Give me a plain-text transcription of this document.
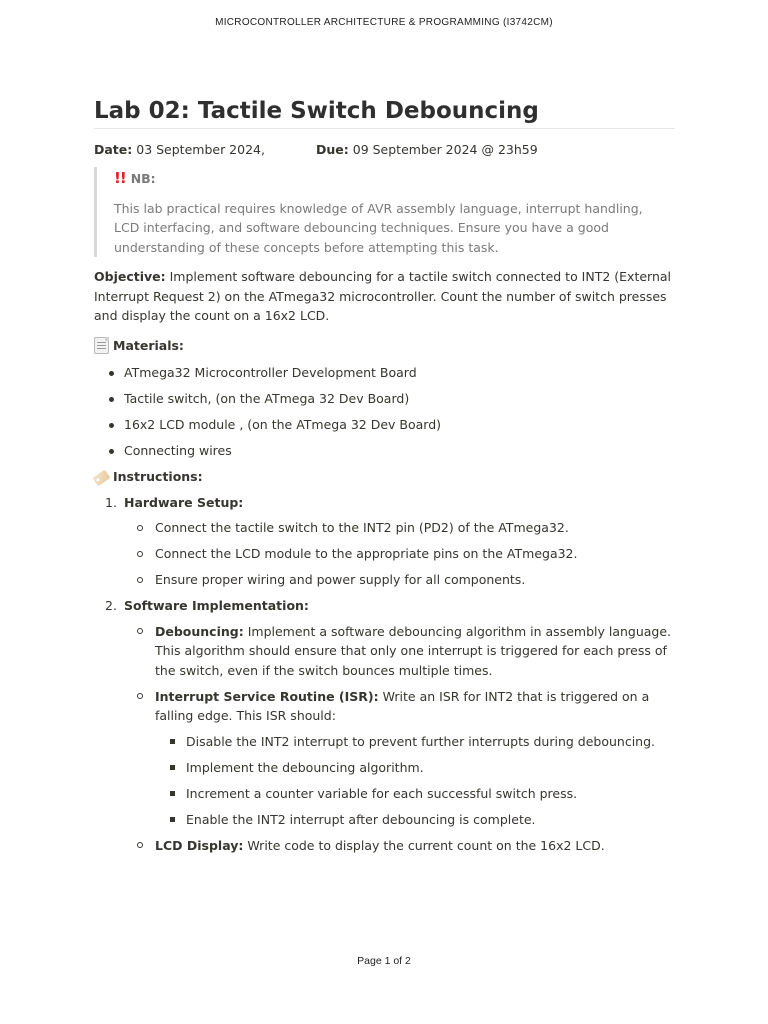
MICROCONTROLLER ARCHITECTURE & PROGRAMMING (I3742CM)
Lab 02: Tactile Switch Debouncing
Date: 03 September 2024,	Due: 09 September 2024 @ 23h59
!! NB:

This lab practical requires knowledge of AVR assembly language, interrupt handling, LCD interfacing, and software debouncing techniques. Ensure you have a good understanding of these concepts before attempting this task.

Objective: Implement software debouncing for a tactile switch connected to INT2 (External Interrupt Request 2) on the ATmega32 microcontroller. Count the number of switch presses and display the count on a 16x2 LCD.

Materials:
ATmega32 Microcontroller Development Board
Tactile switch, (on the ATmega 32 Dev Board)
16x2 LCD module , (on the ATmega 32 Dev Board)
Connecting wires
Instructions:
1. Hardware Setup:
Connect the tactile switch to the INT2 pin (PD2) of the ATmega32.
Connect the LCD module to the appropriate pins on the ATmega32.
Ensure proper wiring and power supply for all components.
2. Software Implementation:
Debouncing: Implement a software debouncing algorithm in assembly language. This algorithm should ensure that only one interrupt is triggered for each press of the switch, even if the switch bounces multiple times.
Interrupt Service Routine (ISR): Write an ISR for INT2 that is triggered on a falling edge. This ISR should:
Disable the INT2 interrupt to prevent further interrupts during debouncing.
Implement the debouncing algorithm.
Increment a counter variable for each successful switch press.
Enable the INT2 interrupt after debouncing is complete.
LCD Display: Write code to display the current count on the 16x2 LCD.
Page 1 of 2
